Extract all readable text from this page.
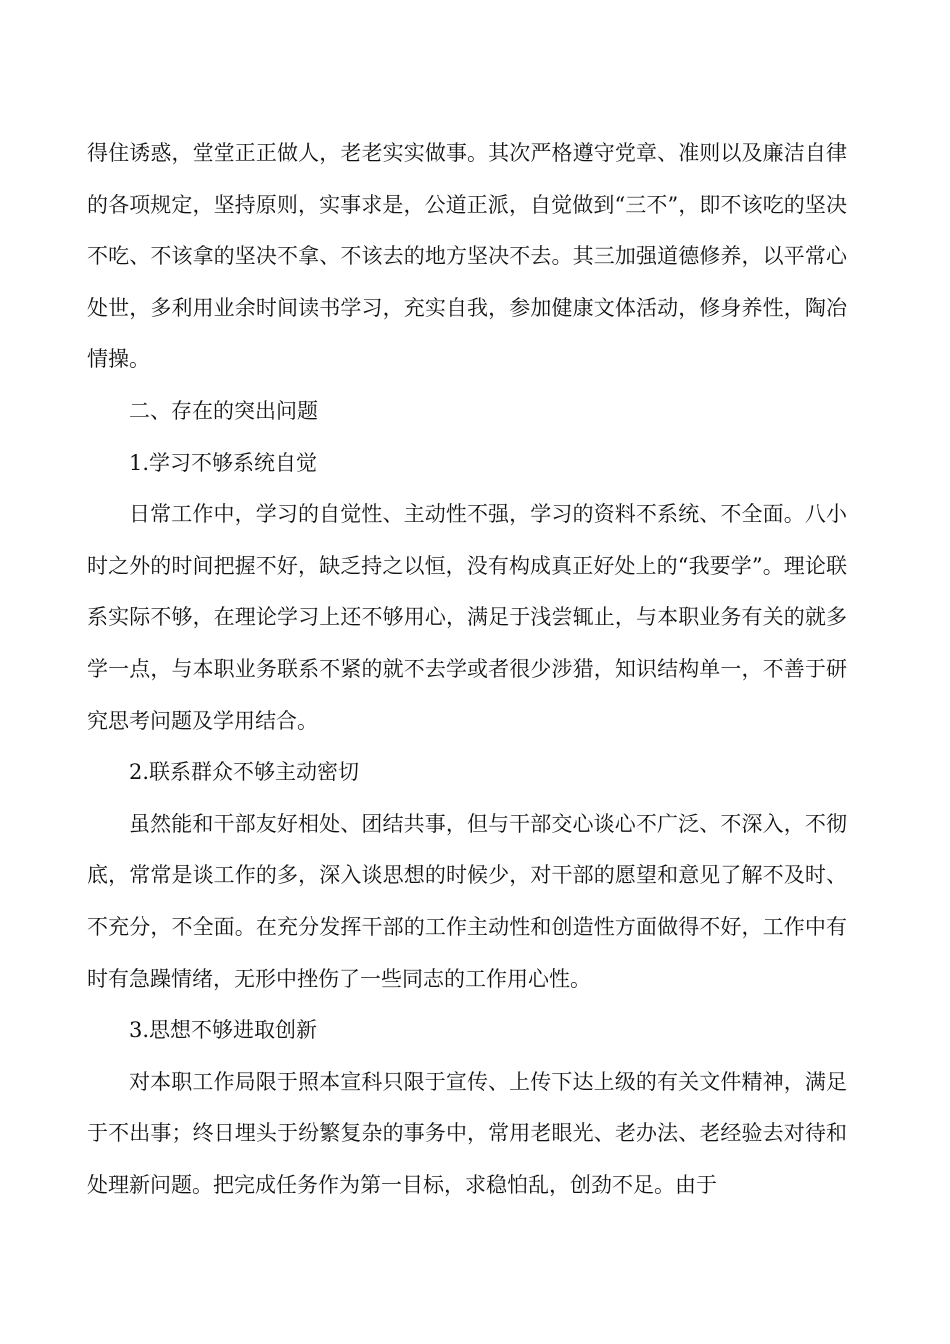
得住诱惑，堂堂正正做人，老老实实做事。其次严格遵守党章、准则以及廉洁自律的各项规定，坚持原则，实事求是，公道正派，自觉做到“三不”，即不该吃的坚决不吃、不该拿的坚决不拿、不该去的地方坚决不去。其三加强道德修养，以平常心处世，多利用业余时间读书学习，充实自我，参加健康文体活动，修身养性，陶冶情操。

二、存在的突出问题

1.学习不够系统自觉

日常工作中，学习的自觉性、主动性不强，学习的资料不系统、不全面。八小时之外的时间把握不好，缺乏持之以恒，没有构成真正好处上的“我要学”。理论联系实际不够，在理论学习上还不够用心，满足于浅尝辄止，与本职业务有关的就多学一点，与本职业务联系不紧的就不去学或者很少涉猎，知识结构单一，不善于研究思考问题及学用结合。

2.联系群众不够主动密切

虽然能和干部友好相处、团结共事，但与干部交心谈心不广泛、不深入，不彻底，常常是谈工作的多，深入谈思想的时候少，对干部的愿望和意见了解不及时、不充分，不全面。在充分发挥干部的工作主动性和创造性方面做得不好，工作中有时有急躁情绪，无形中挫伤了一些同志的工作用心性。

3.思想不够进取创新

对本职工作局限于照本宣科只限于宣传、上传下达上级的有关文件精神，满足于不出事；终日埋头于纷繁复杂的事务中，常用老眼光、老办法、老经验去对待和处理新问题。把完成任务作为第一目标，求稳怕乱，创劲不足。由于
